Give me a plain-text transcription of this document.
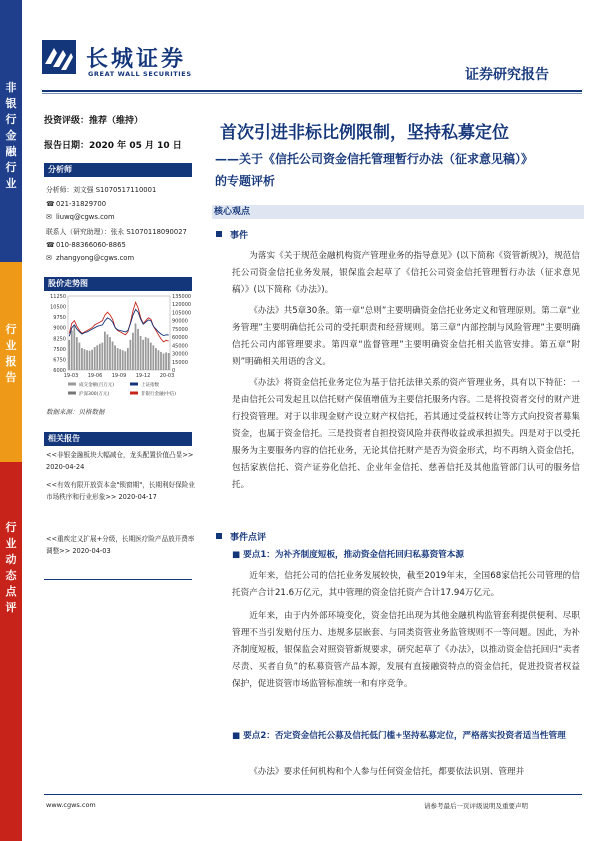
非
银
行
金
融
行
业
行
业
报
告
行
业
动
态
点
评
长城证券
GREAT WALL SECURITIES	证券研究报告
投资评级：推荐（维持）
报告日期：2020 年 05 月 10 日
分析师
分析师：刘文强 S1070517110001
☎021-31829700
✉ liuwq@cgws.com
联系人（研究助理）：张永 S1070118090027
☎010-88366060-8865
✉ zhangyong@cgws.com
股价走势图
6000
6750
7500
8250
9000
9750
10500
11250
0
15000
30000
45000
60000
75000
90000
105000
120000
135000
19-03 19-06 19-09 19-12 20-03
成交金额(百万元)	上证指数
沪深300(万元)	非银行金融(中信)
数据来源：贝格数据
相关报告
<<非银金融板块大幅减仓，龙头配置价值凸显>> 2020-04-24
<<有效有限开放资本金"锁窗期"，长期利好保险业市场秩序和行业形象>> 2020-04-17
<<重疾定义扩展+分级，长期医疗险产品放开费率调整>> 2020-04-03
首次引进非标比例限制，坚持私募定位
——关于《信托公司资金信托管理暂行办法（征求意见稿）》
的专题评析
核心观点
事件

为落实《关于规范金融机构资产管理业务的指导意见》(以下简称《资管新规》)，规范信托公司资金信托业务发展，银保监会起草了《信托公司资金信托管理暂行办法（征求意见稿）》(以下简称《办法》)。

《办法》共5章30条。第一章“总则”主要明确资金信托业务定义和管理原则。第二章“业务管理”主要明确信托公司的受托职责和经营规则。第三章“内部控制与风险管理”主要明确信托公司内部管理要求。第四章“监督管理”主要明确资金信托相关监管安排。第五章“附则”明确相关用语的含义。

《办法》将资金信托业务定位为基于信托法律关系的资产管理业务，具有以下特征：一是由信托公司发起且以信托财产保值增值为主要信托服务内容。二是将投资者交付的财产进行投资管理。对于以非现金财产设立财产权信托，若其通过受益权转让等方式向投资者募集资金，也属于资金信托。三是投资者自担投资风险并获得收益或承担损失。四是对于以受托服务为主要服务内容的信托业务，无论其信托财产是否为资金形式，均不再纳入资金信托，包括家族信托、资产证券化信托、企业年金信托、慈善信托及其他监管部门认可的服务信托。

事件点评
■ 要点1：为补齐制度短板，推动资金信托回归私募资管本源

近年来，信托公司的信托业务发展较快，截至2019年末，全国68家信托公司管理的信托资产合计21.6万亿元，其中管理的资金信托资产合计17.94万亿元。

近年来，由于内外部环境变化，资金信托出现为其他金融机构监管套利提供便利、尽职管理不当引发赔付压力、违规多层嵌套、与同类资管业务监管规则不一等问题。因此，为补齐制度短板，银保监会对照资管新规要求，研究起草了《办法》，以推动资金信托回归“卖者尽责、买者自负”的私募资管产品本源，发展有直接融资特点的资金信托，促进投资者权益保护，促进资管市场监管标准统一和有序竞争。

■ 要点2：否定资金信托公募及信托低门槛+坚持私募定位，严格落实投资者适当性管理

《办法》要求任何机构和个人参与任何资金信托，都要依法识别、管理并

www.cgws.com	请参考最后一页评级说明及重要声明
